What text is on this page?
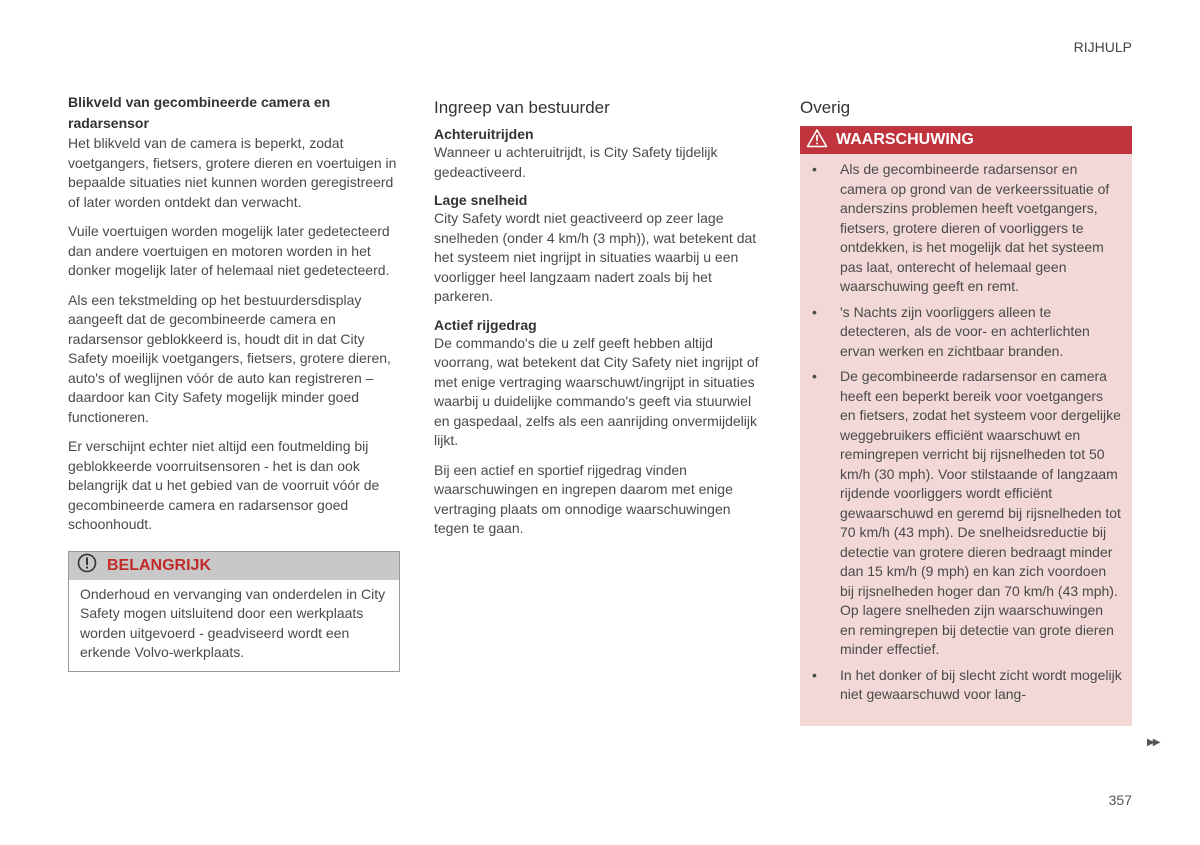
RIJHULP
Blikveld van gecombineerde camera en radarsensor

Het blikveld van de camera is beperkt, zodat voetgangers, fietsers, grotere dieren en voertuigen in bepaalde situaties niet kunnen worden geregistreerd of later worden ontdekt dan verwacht.

Vuile voertuigen worden mogelijk later gedetecteerd dan andere voertuigen en motoren worden in het donker mogelijk later of helemaal niet gedetecteerd.

Als een tekstmelding op het bestuurdersdisplay aangeeft dat de gecombineerde camera en radarsensor geblokkeerd is, houdt dit in dat City Safety moeilijk voetgangers, fietsers, grotere dieren, auto's of weglijnen vóór de auto kan registreren – daardoor kan City Safety mogelijk minder goed functioneren.

Er verschijnt echter niet altijd een foutmelding bij geblokkeerde voorruitsensoren - het is dan ook belangrijk dat u het gebied van de voorruit vóór de gecombineerde camera en radarsensor goed schoonhoudt.

BELANGRIJK
Onderhoud en vervanging van onderdelen in City Safety mogen uitsluitend door een werkplaats worden uitgevoerd - geadviseerd wordt een erkende Volvo-werkplaats.
Ingreep van bestuurder
Achteruitrijden

Wanneer u achteruitrijdt, is City Safety tijdelijk gedeactiveerd.

Lage snelheid

City Safety wordt niet geactiveerd op zeer lage snelheden (onder 4 km/h (3 mph)), wat betekent dat het systeem niet ingrijpt in situaties waarbij u een voorligger heel langzaam nadert zoals bij het parkeren.

Actief rijgedrag

De commando's die u zelf geeft hebben altijd voorrang, wat betekent dat City Safety niet ingrijpt of met enige vertraging waarschuwt/ingrijpt in situaties waarbij u duidelijke commando's geeft via stuurwiel en gaspedaal, zelfs als een aanrijding onvermijdelijk lijkt.

Bij een actief en sportief rijgedrag vinden waarschuwingen en ingrepen daarom met enige vertraging plaats om onnodige waarschuwingen tegen te gaan.

Overig
WAARSCHUWING
• Als de gecombineerde radarsensor en camera op grond van de verkeerssituatie of anderszins problemen heeft voetgangers, fietsers, grotere dieren of voorliggers te ontdekken, is het mogelijk dat het systeem pas laat, onterecht of helemaal geen waarschuwing geeft en remt.
• 's Nachts zijn voorliggers alleen te detecteren, als de voor- en achterlichten ervan werken en zichtbaar branden.
• De gecombineerde radarsensor en camera heeft een beperkt bereik voor voetgangers en fietsers, zodat het systeem voor dergelijke weggebruikers efficiënt waarschuwt en remingrepen verricht bij rijsnelheden tot 50 km/h (30 mph). Voor stilstaande of langzaam rijdende voorliggers wordt efficiënt gewaarschuwd en geremd bij rijsnelheden tot 70 km/h (43 mph). De snelheidsreductie bij detectie van grotere dieren bedraagt minder dan 15 km/h (9 mph) en kan zich voordoen bij rijsnelheden hoger dan 70 km/h (43 mph). Op lagere snelheden zijn waarschuwingen en remingrepen bij detectie van grote dieren minder effectief.
• In het donker of bij slecht zicht wordt mogelijk niet gewaarschuwd voor lang-
▶▶
357
